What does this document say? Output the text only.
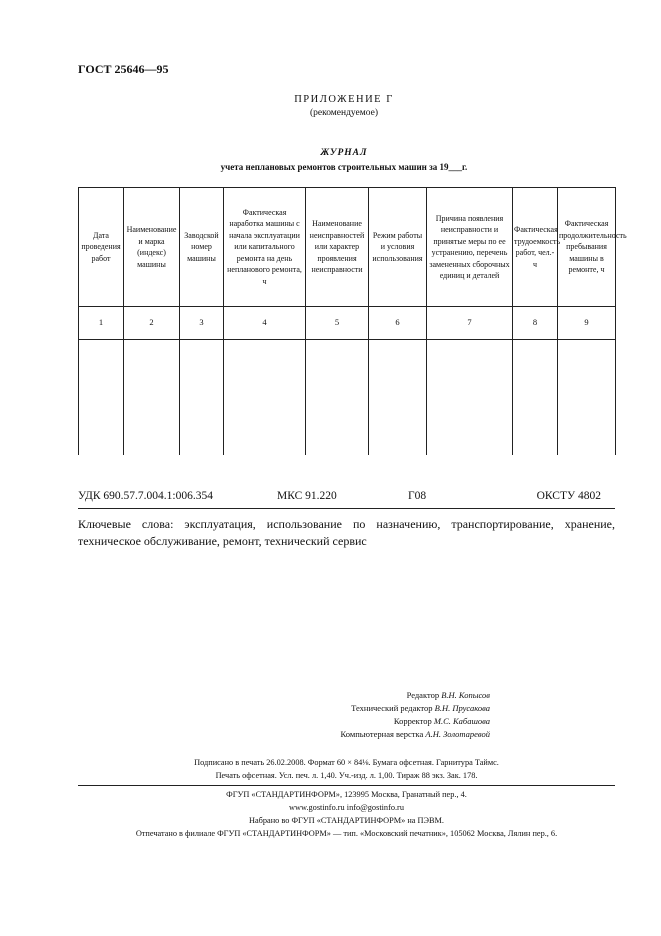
ГОСТ 25646—95
ПРИЛОЖЕНИЕ Г
(рекомендуемое)
ЖУРНАЛ
учета неплановых ремонтов строительных машин за 19___г.
Дата проведения работ	Наименование и марка (индекс) машины	Заводской номер машины	Фактическая наработка машины с начала эксплуатации или капитального ремонта на день непланового ремонта, ч	Наименование неисправностей или характер проявления неисправности	Режим работы и условия использования	Причина появления неисправности и принятые меры по ее устранению, перечень замененных сборочных единиц и деталей	Фактическая трудоемкость работ, чел.-ч	Фактическая продолжительность пребывания машины в ремонте, ч
1	2	3	4	5	6	7	8	9

УДК 690.57.7.004.1:006.354	МКС 91.220	Г08	ОКСТУ 4802
Ключевые слова: эксплуатация, использование по назначению, транспортирование, хранение, техническое обслуживание, ремонт, технический сервис
Редактор В.Н. Копысов
Технический редактор В.Н. Прусакова
Корректор М.С. Кабашова
Компьютерная верстка А.Н. Золотаревой
Подписано в печать 26.02.2008. Формат 60 × 84⅛. Бумага офсетная. Гарнитура Таймс.
Печать офсетная. Усл. печ. л. 1,40. Уч.-изд. л. 1,00. Тираж 88 экз. Зак. 178.
ФГУП «СТАНДАРТИНФОРМ», 123995 Москва, Гранатный пер., 4.
www.gostinfo.ru info@gostinfo.ru
Набрано во ФГУП «СТАНДАРТИНФОРМ» на ПЭВМ.
Отпечатано в филиале ФГУП «СТАНДАРТИНФОРМ» — тип. «Московский печатник», 105062 Москва, Лялин пер., 6.
